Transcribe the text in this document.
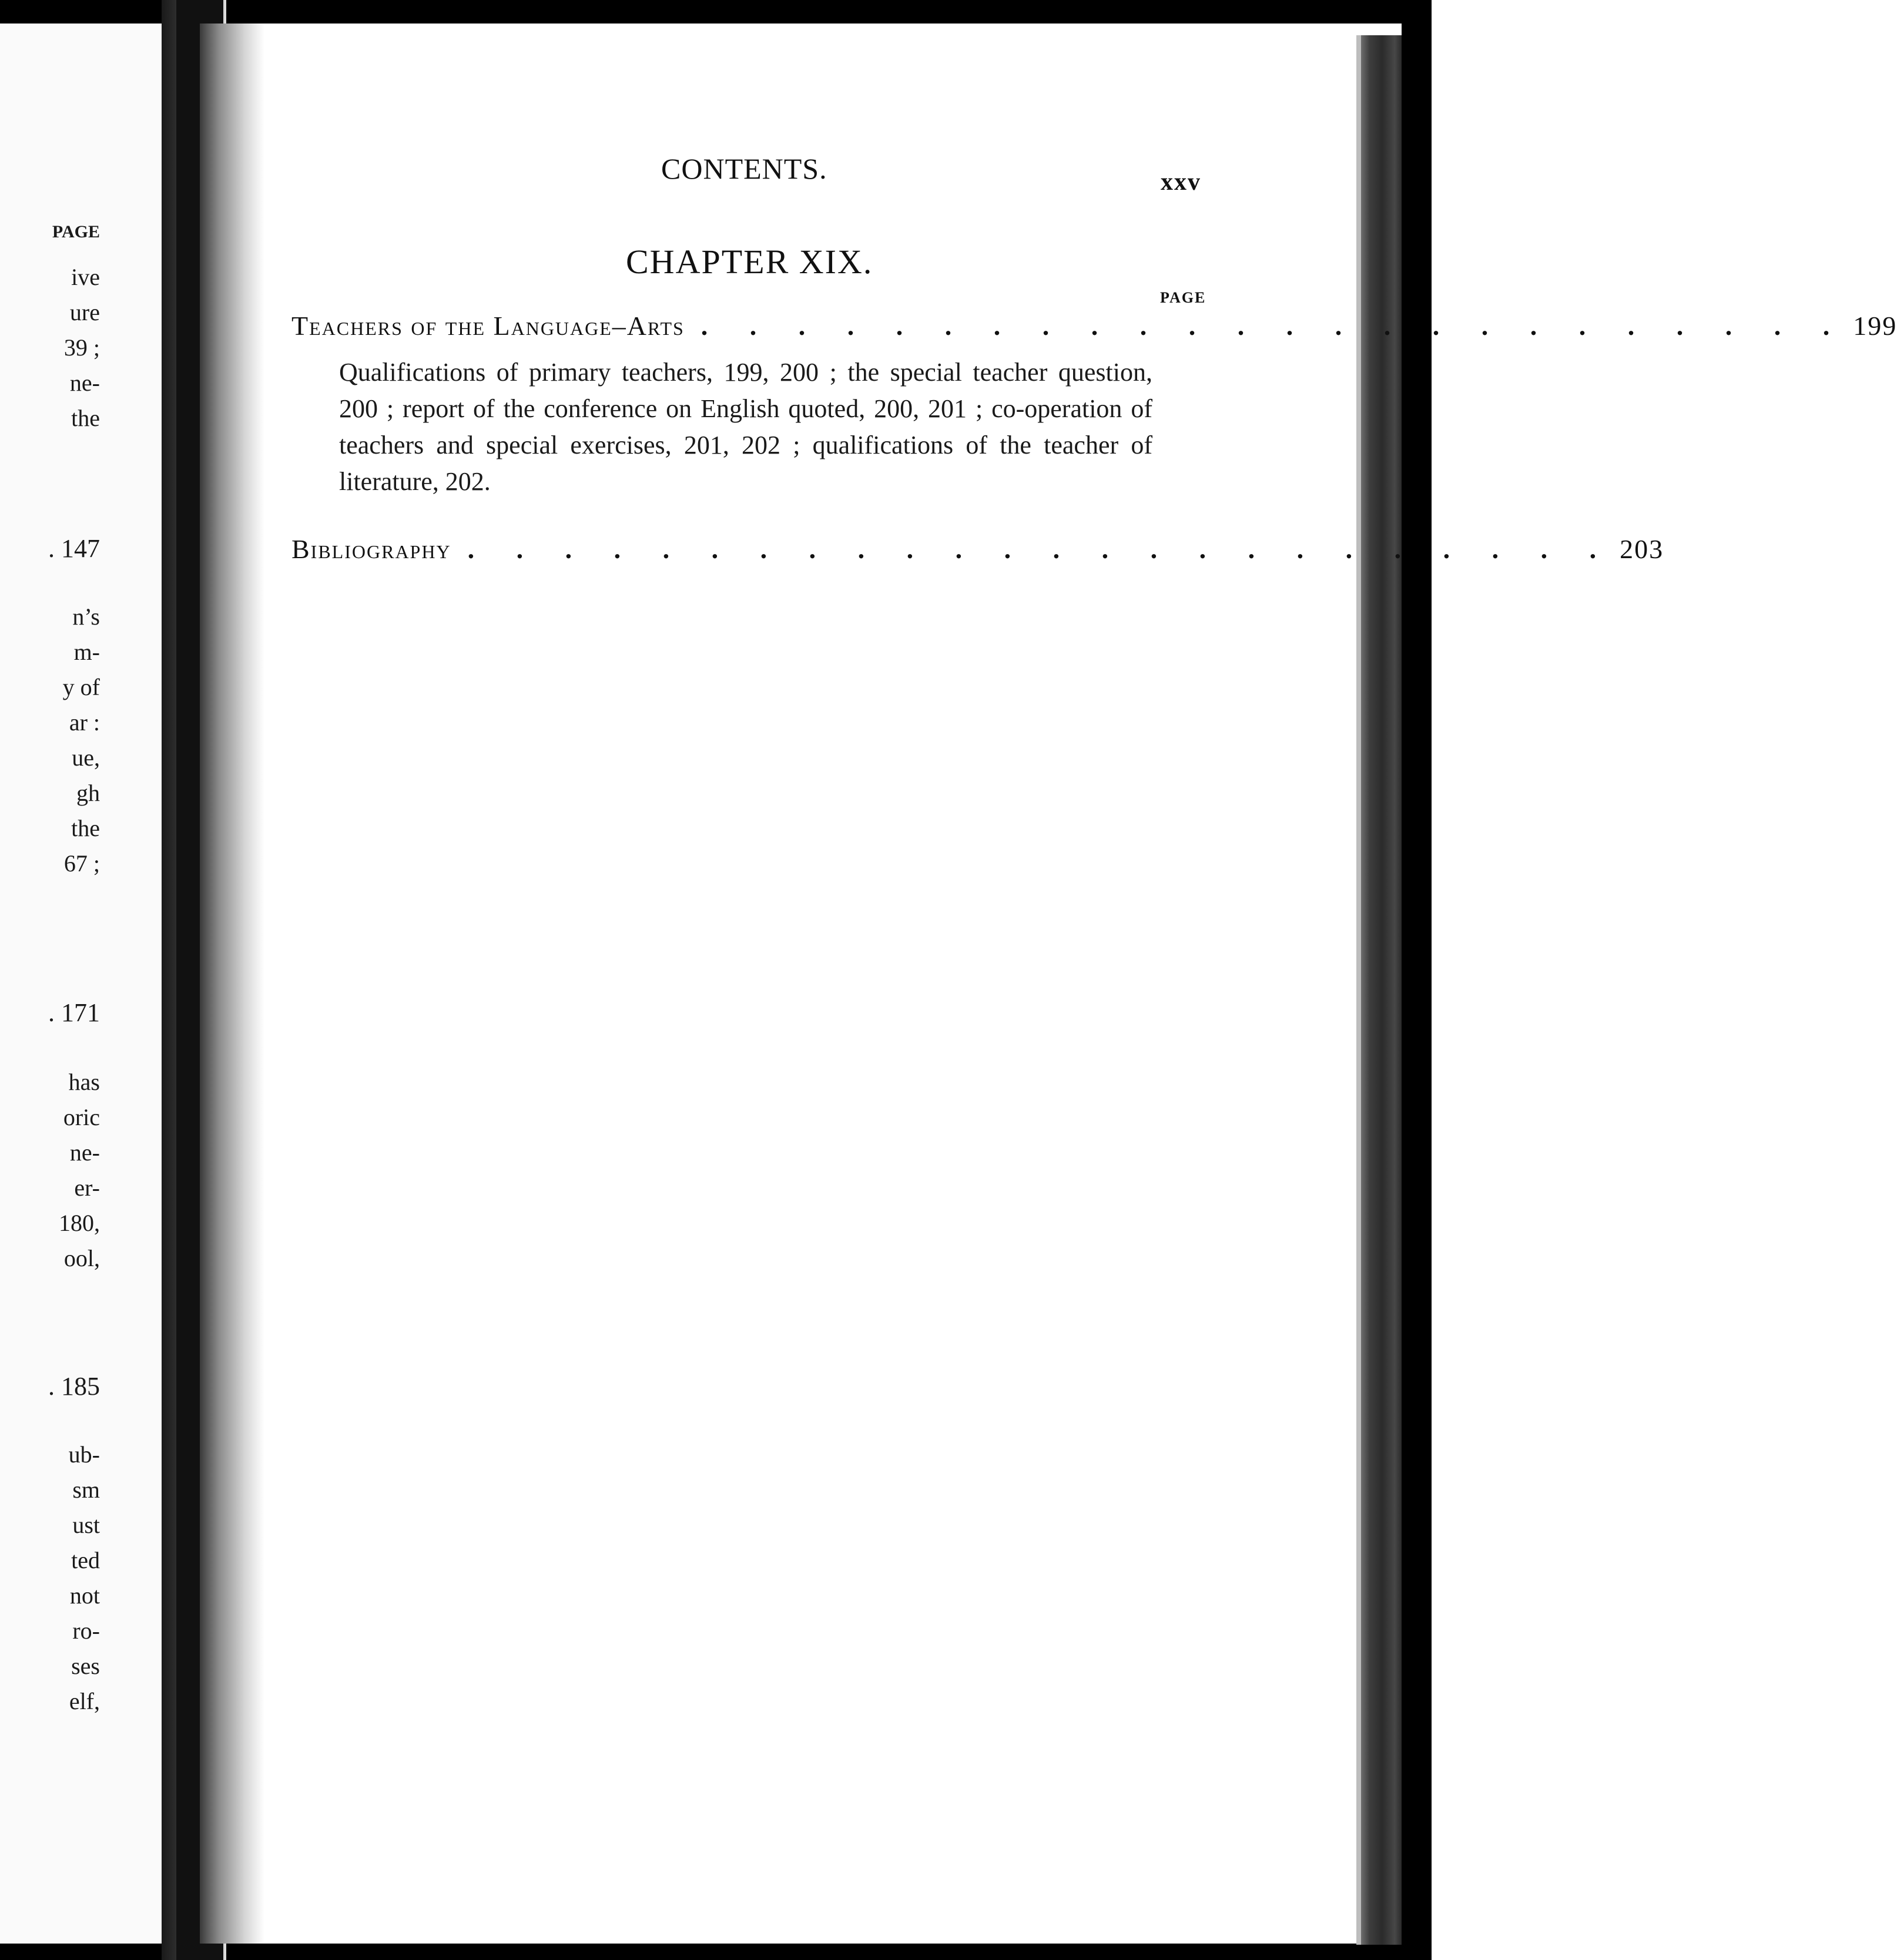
PAGE
ive
ure
39 ;
ne-
the
. 147
n’s
m-
y of
ar :
ue,
gh
the
67 ;
. 171
has
oric
ne-
er-
180,
ool,
. 185
ub-
sm
ust
ted
not
ro-
ses
elf,
CONTENTS.	xxv
CHAPTER XIX.
PAGE
Teachers of the Language–Arts . . . . . . . . . . . . . . . . . . . . . . . . 199
Qualifications of primary teachers, 199, 200 ; the special teacher question, 200 ; report of the conference on English quoted, 200, 201 ; co-operation of teachers and special exercises, 201, 202 ; qualifications of the teacher of literature, 202.
Bibliography . . . . . . . . . . . . . . . . . . . . . . . . 203
